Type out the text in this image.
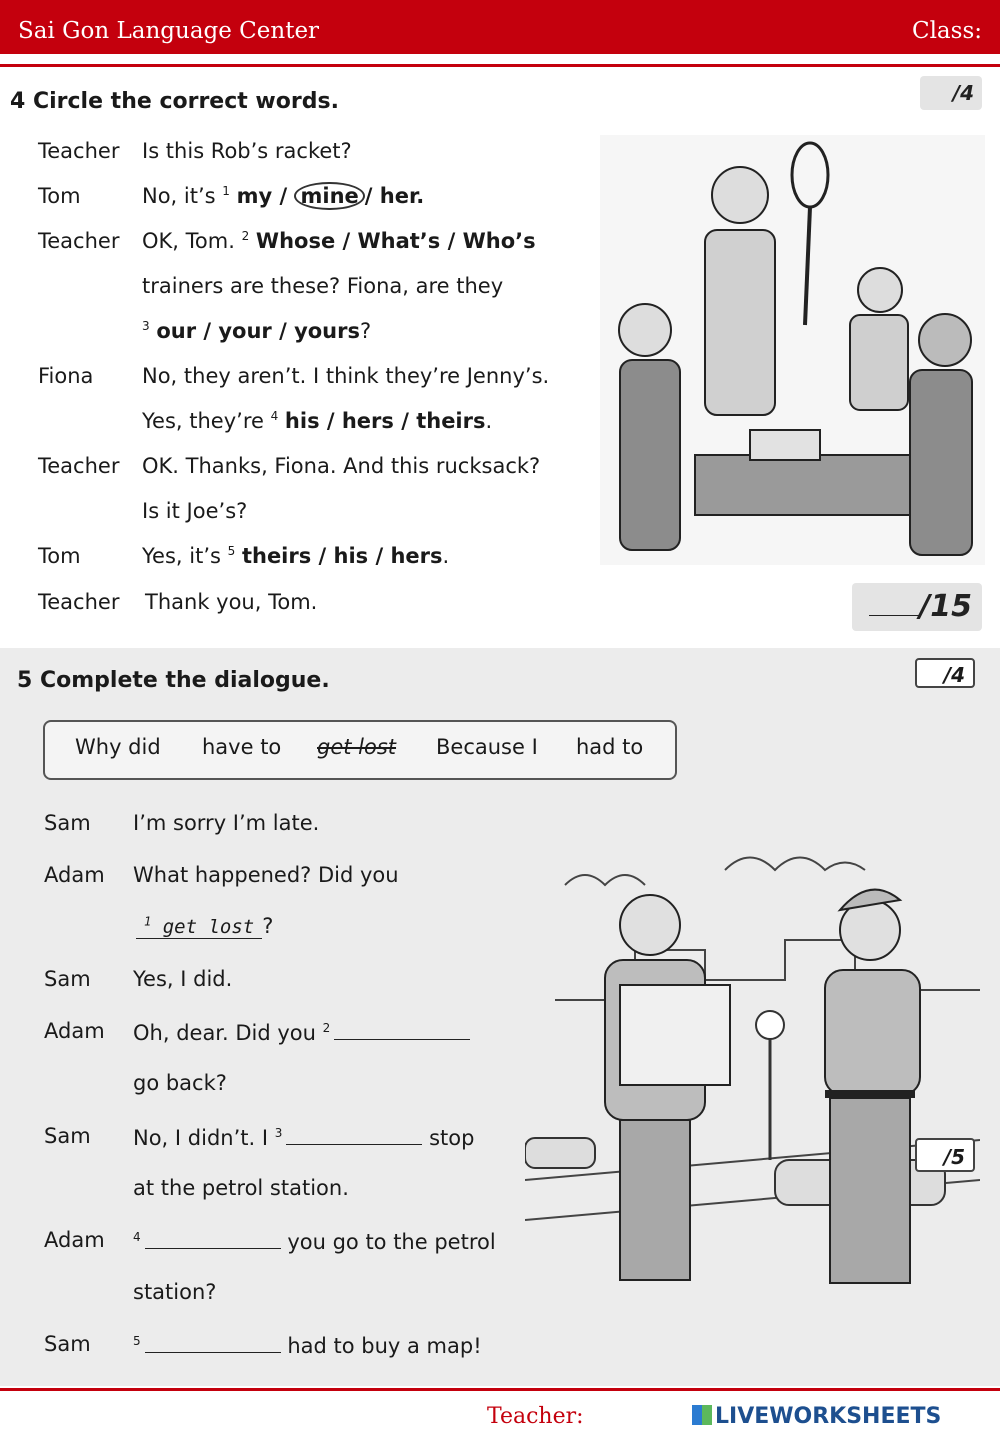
Sai Gon Language Center	Class:
4 Circle the correct words.	/4
Teacher Is this Rob’s racket?
Tom	No, it’s $^1$ my / mine / her.
Teacher OK, Tom. $^2$ Whose / What’s / Who’s
trainers are these? Fiona, are they
$^3$ our / your / yours?
Fiona No, they aren’t. I think they’re Jenny’s.
Yes, they’re $^4$ his / hers / theirs.
Teacher OK. Thanks, Fiona. And this rucksack?
Is it Joe’s?
Tom	Yes, it’s $^5$ theirs / his / hers.
Teacher Thank you, Tom.	/15
5 Complete the dialogue.	/4
Why did have to get lost Because I had to
Sam I’m sorry I’m late.
Adam What happened? Did you
$^1$ get lost ?
Sam Yes, I did.
Adam Oh, dear. Did you $^2$
go back?
Sam No, I didn’t. I $^3$	stop
at the petrol station.
Adam $^4$	you go to the petrol
station?
Sam	$^5$	had to buy a map!
/5
Teacher:	LIVEWORKSHEETS
